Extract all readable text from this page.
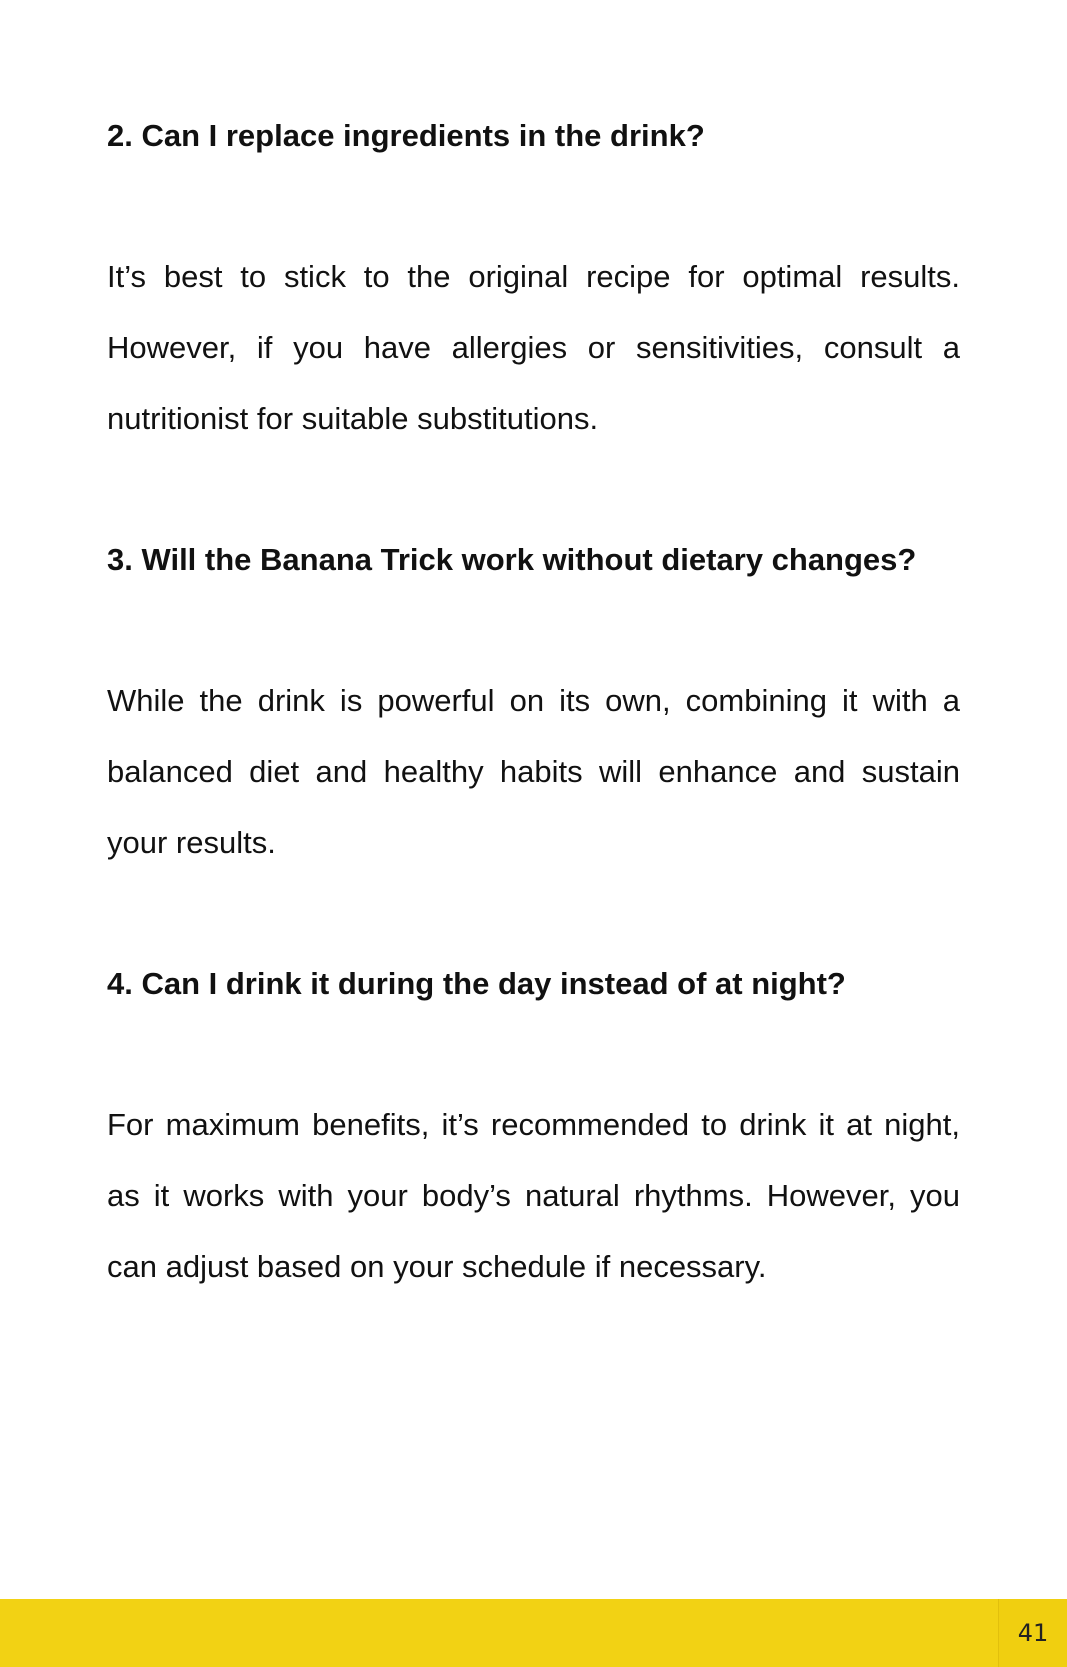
2. Can I replace ingredients in the drink?

It’s best to stick to the original recipe for optimal results. However, if you have allergies or sensitivities, consult a nutritionist for suitable substitutions.

3. Will the Banana Trick work without dietary changes?

While the drink is powerful on its own, combining it with a balanced diet and healthy habits will enhance and sustain your results.

4. Can I drink it during the day instead of at night?

For maximum benefits, it’s recommended to drink it at night, as it works with your body’s natural rhythms. However, you can adjust based on your schedule if necessary.

41
